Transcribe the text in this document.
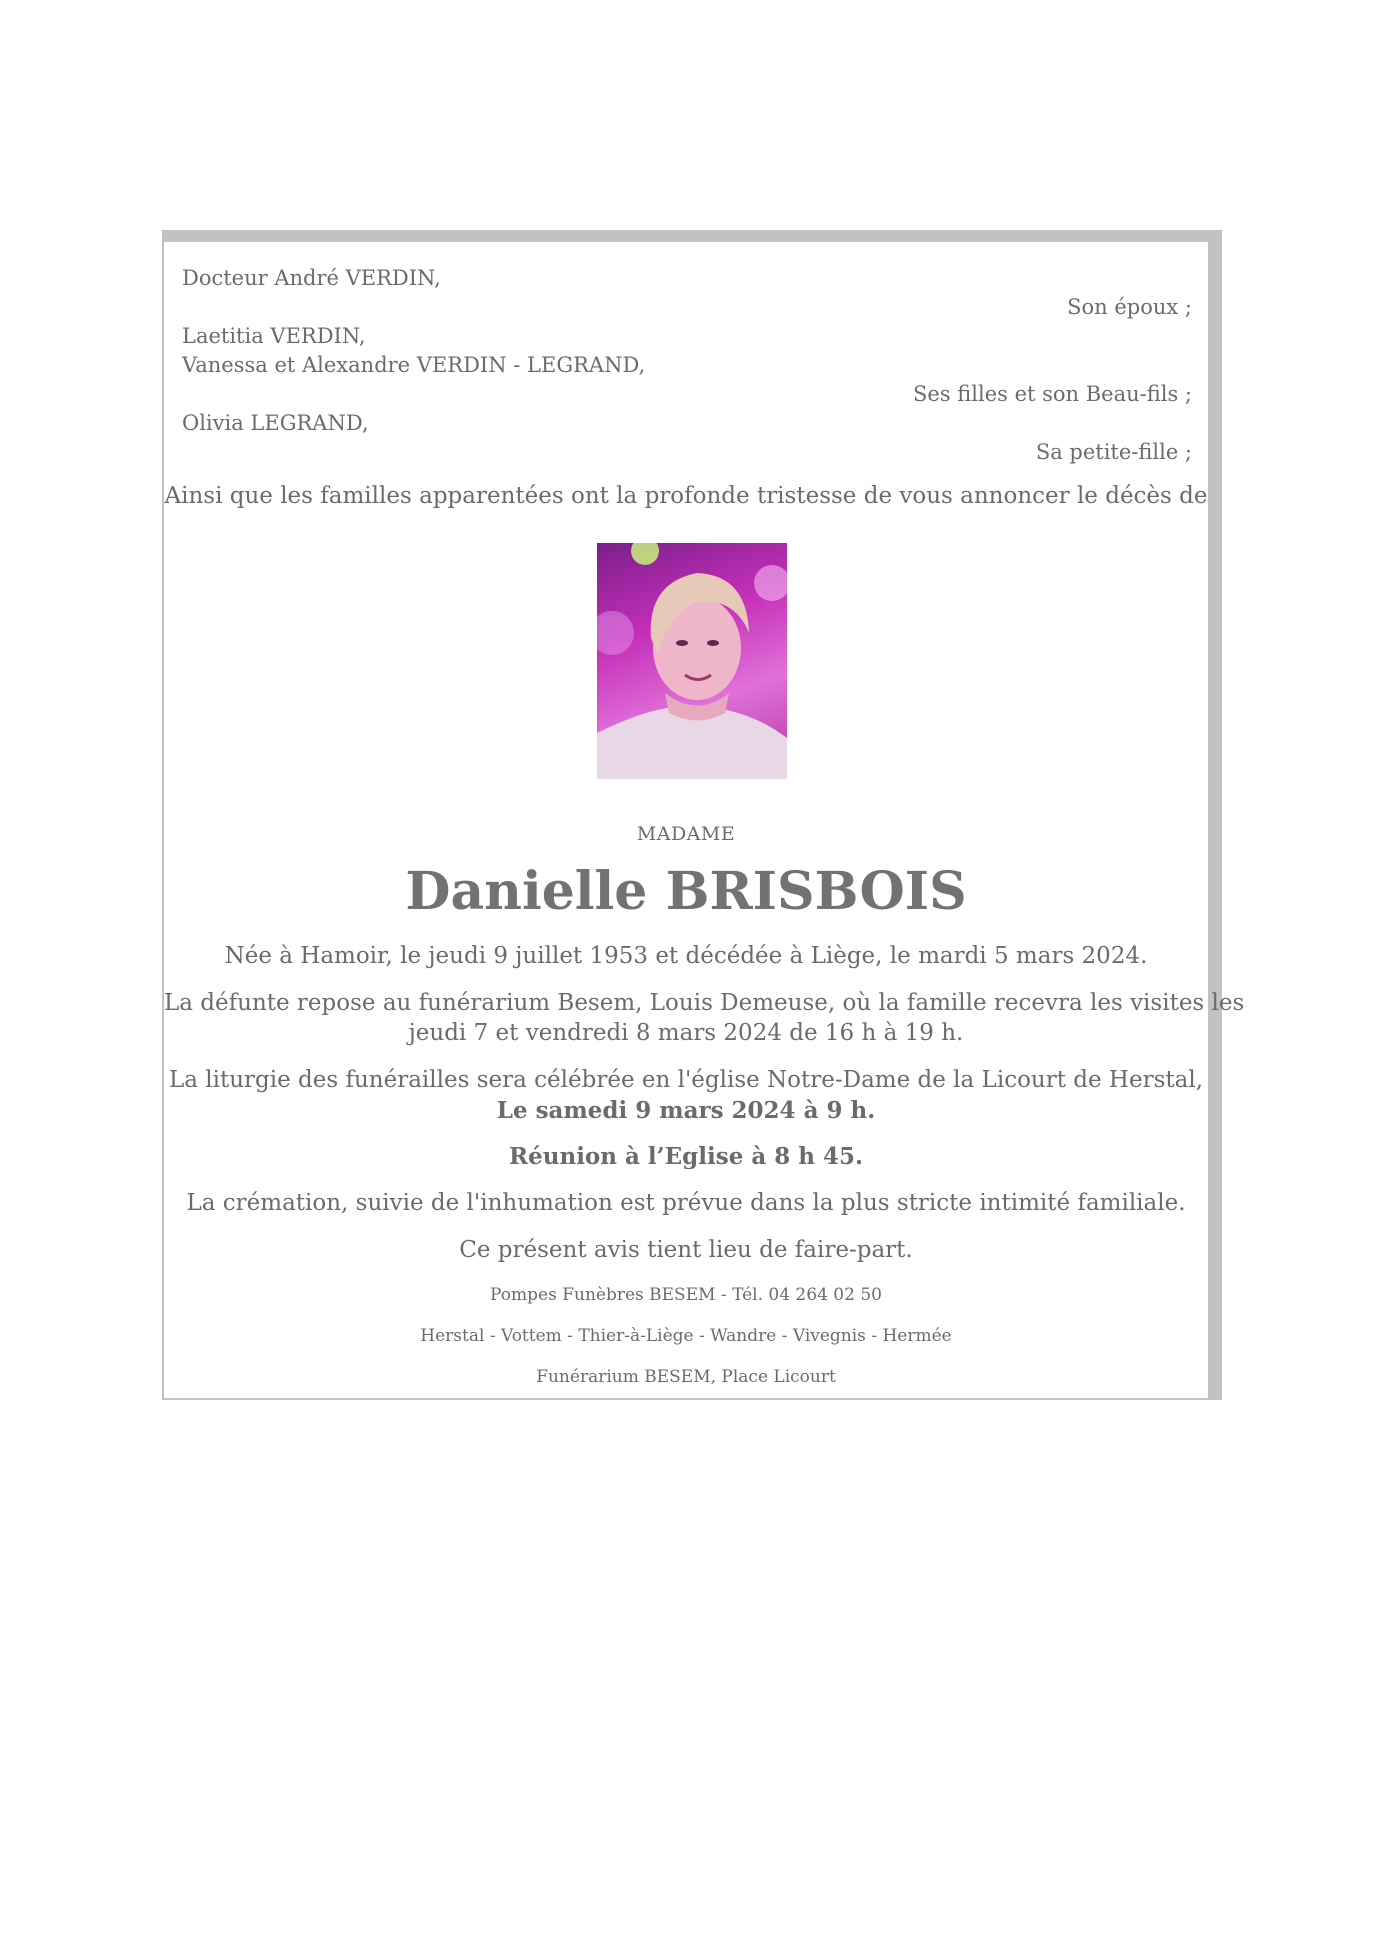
Docteur André VERDIN,

Son époux ;

Laetitia VERDIN,

Vanessa et Alexandre VERDIN - LEGRAND,

Ses filles et son Beau-fils ;

Olivia LEGRAND,

Sa petite-fille ;

Ainsi que les familles apparentées ont la profonde tristesse de vous annoncer le décès de

MADAME

Danielle BRISBOIS

Née à Hamoir, le jeudi 9 juillet 1953 et décédée à Liège, le mardi 5 mars 2024.

La défunte repose au funérarium Besem, Louis Demeuse, où la famille recevra les visites les

jeudi 7 et vendredi 8 mars 2024 de 16 h à 19 h.

La liturgie des funérailles sera célébrée en l'église Notre-Dame de la Licourt de Herstal,

Le samedi 9 mars 2024 à 9 h.

Réunion à l’Eglise à 8 h 45.

La crémation, suivie de l'inhumation est prévue dans la plus stricte intimité familiale.

Ce présent avis tient lieu de faire-part.

Pompes Funèbres BESEM - Tél. 04 264 02 50

Herstal - Vottem - Thier-à-Liège - Wandre - Vivegnis - Hermée

Funérarium BESEM, Place Licourt
